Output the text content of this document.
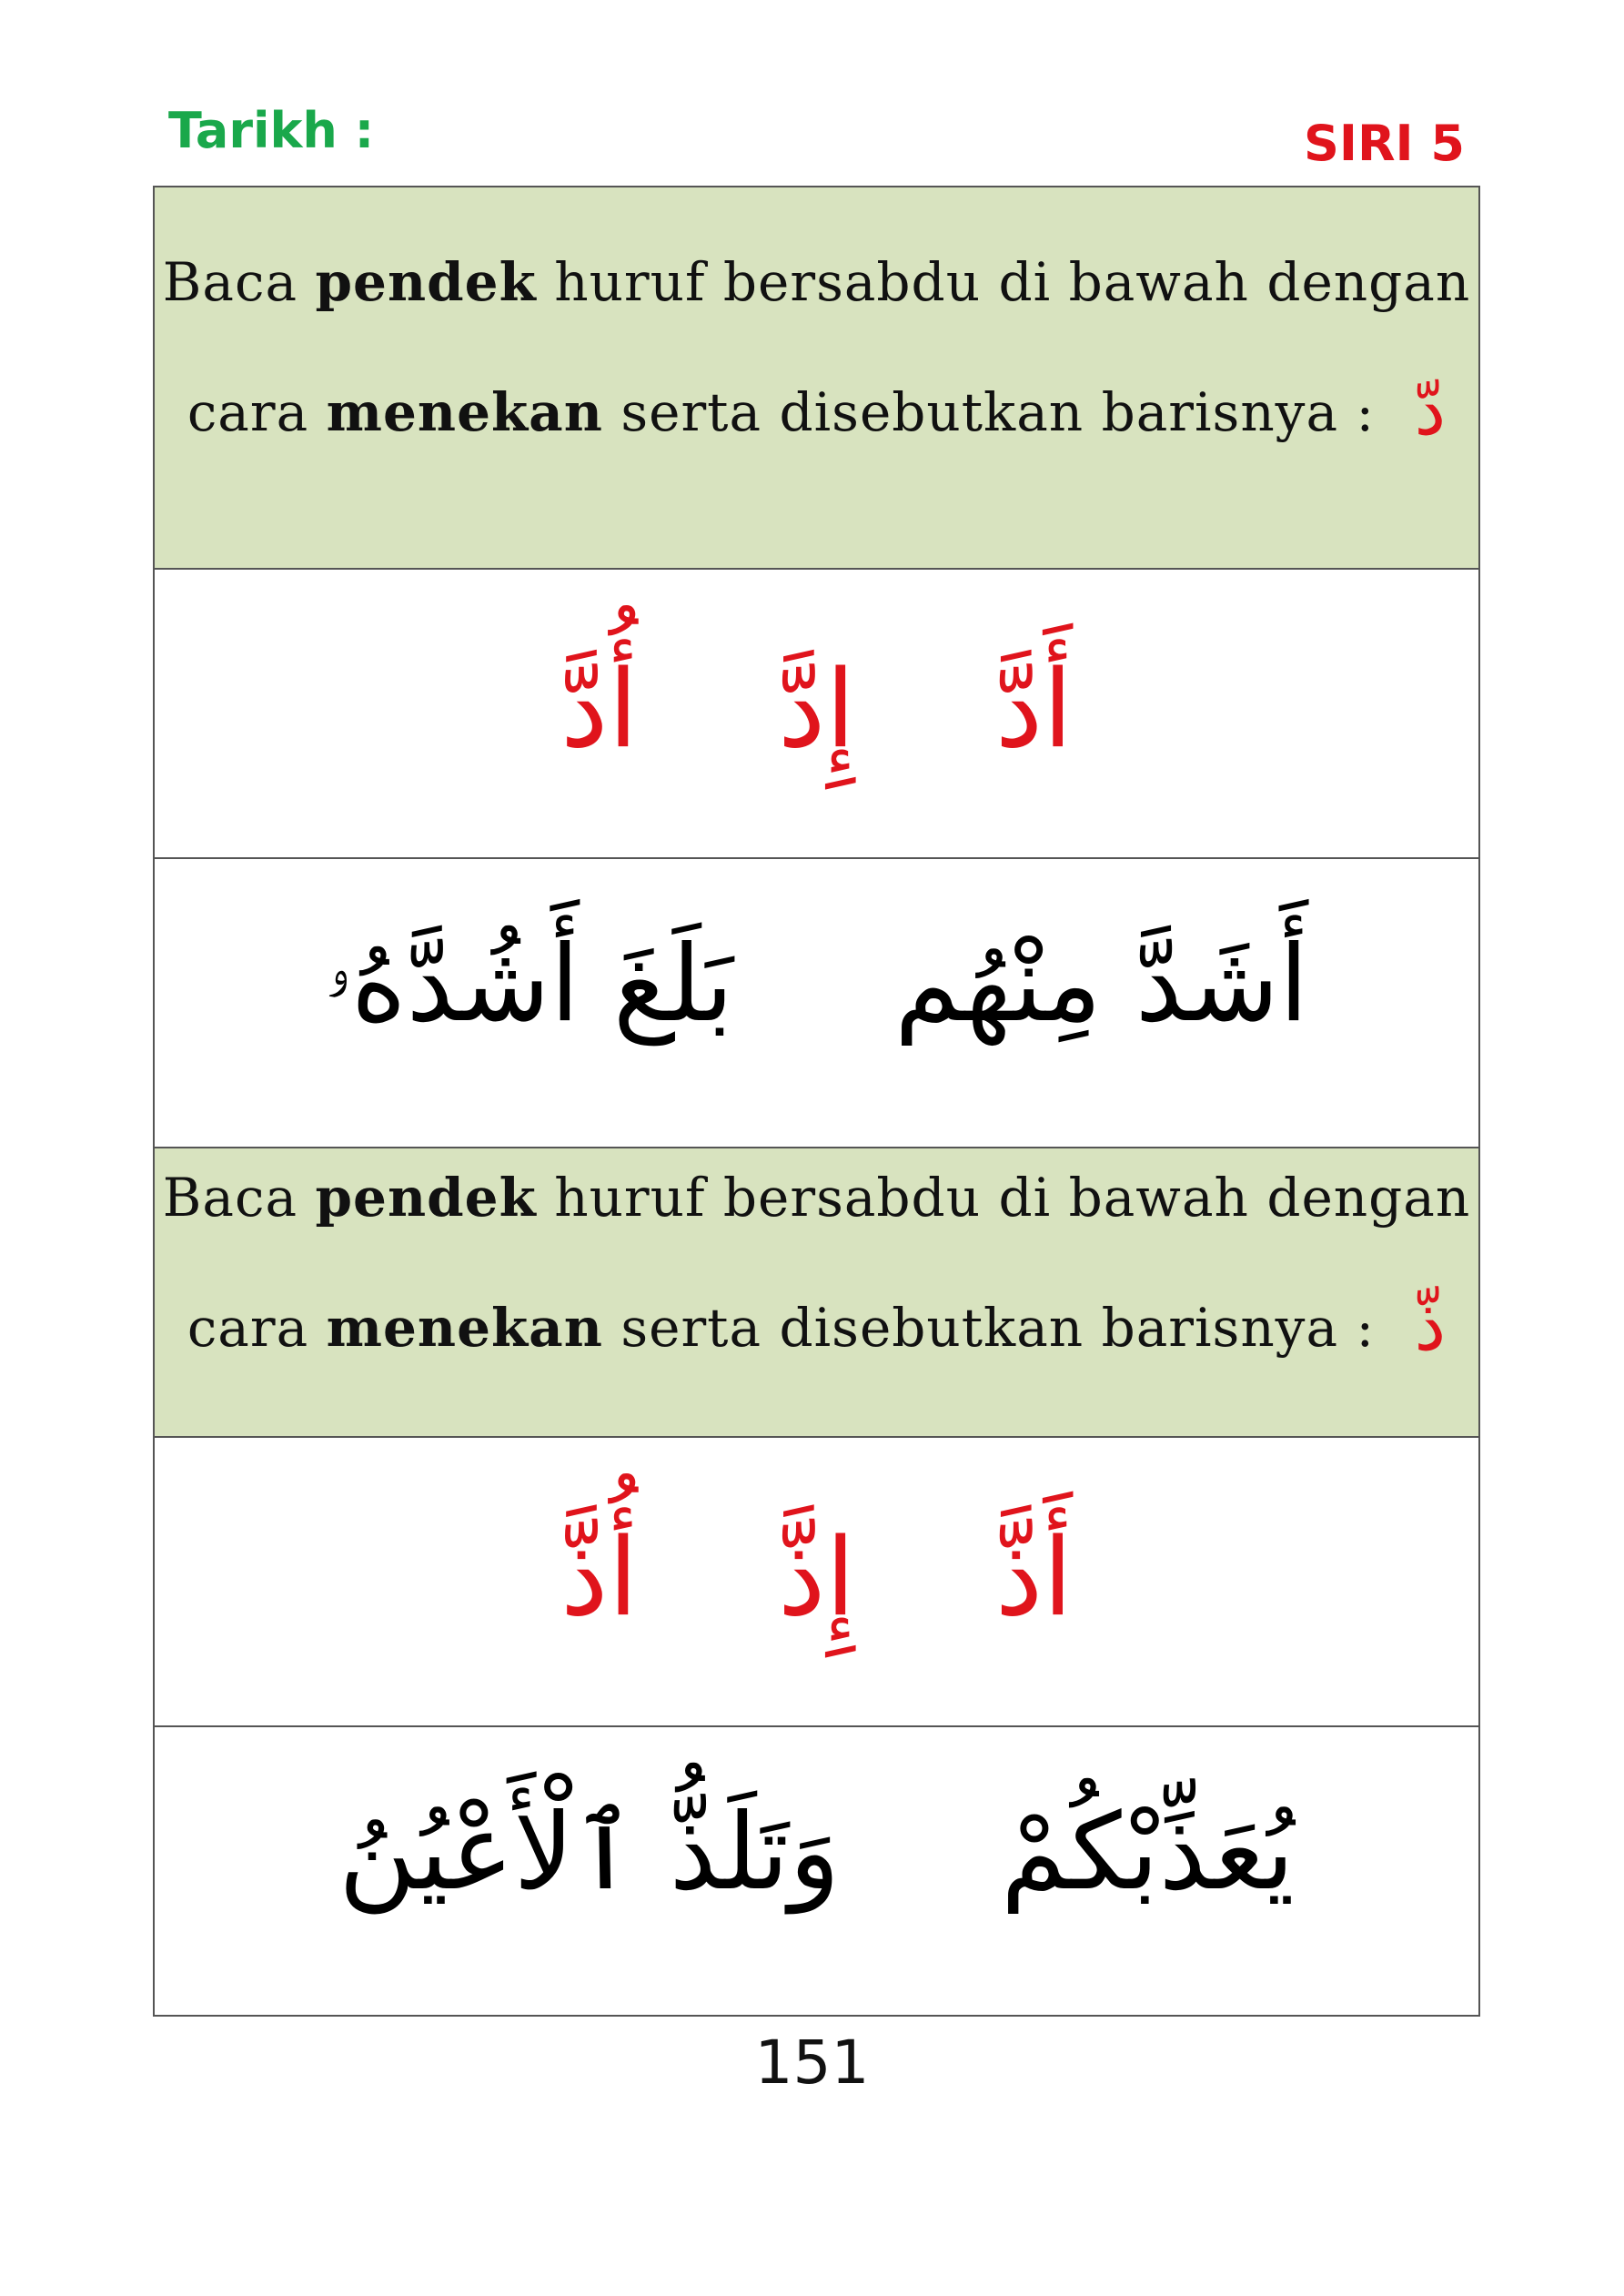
Tarikh :	SIRI 5
Baca pendek huruf bersabdu di bawah dengan
cara menekan serta disebutkan barisnya : دّ
أَدَّ إِدَّ أُدَّ
أَشَدَّ مِنْهُم بَلَغَ أَشُدَّهُۥ
Baca pendek huruf bersabdu di bawah dengan
cara menekan serta disebutkan barisnya : ذّ
أَذَّ إِذَّ أُذَّ
يُعَذِّبْكُمْ وَتَلَذُّ ٱلْأَعْيُنُ
151
